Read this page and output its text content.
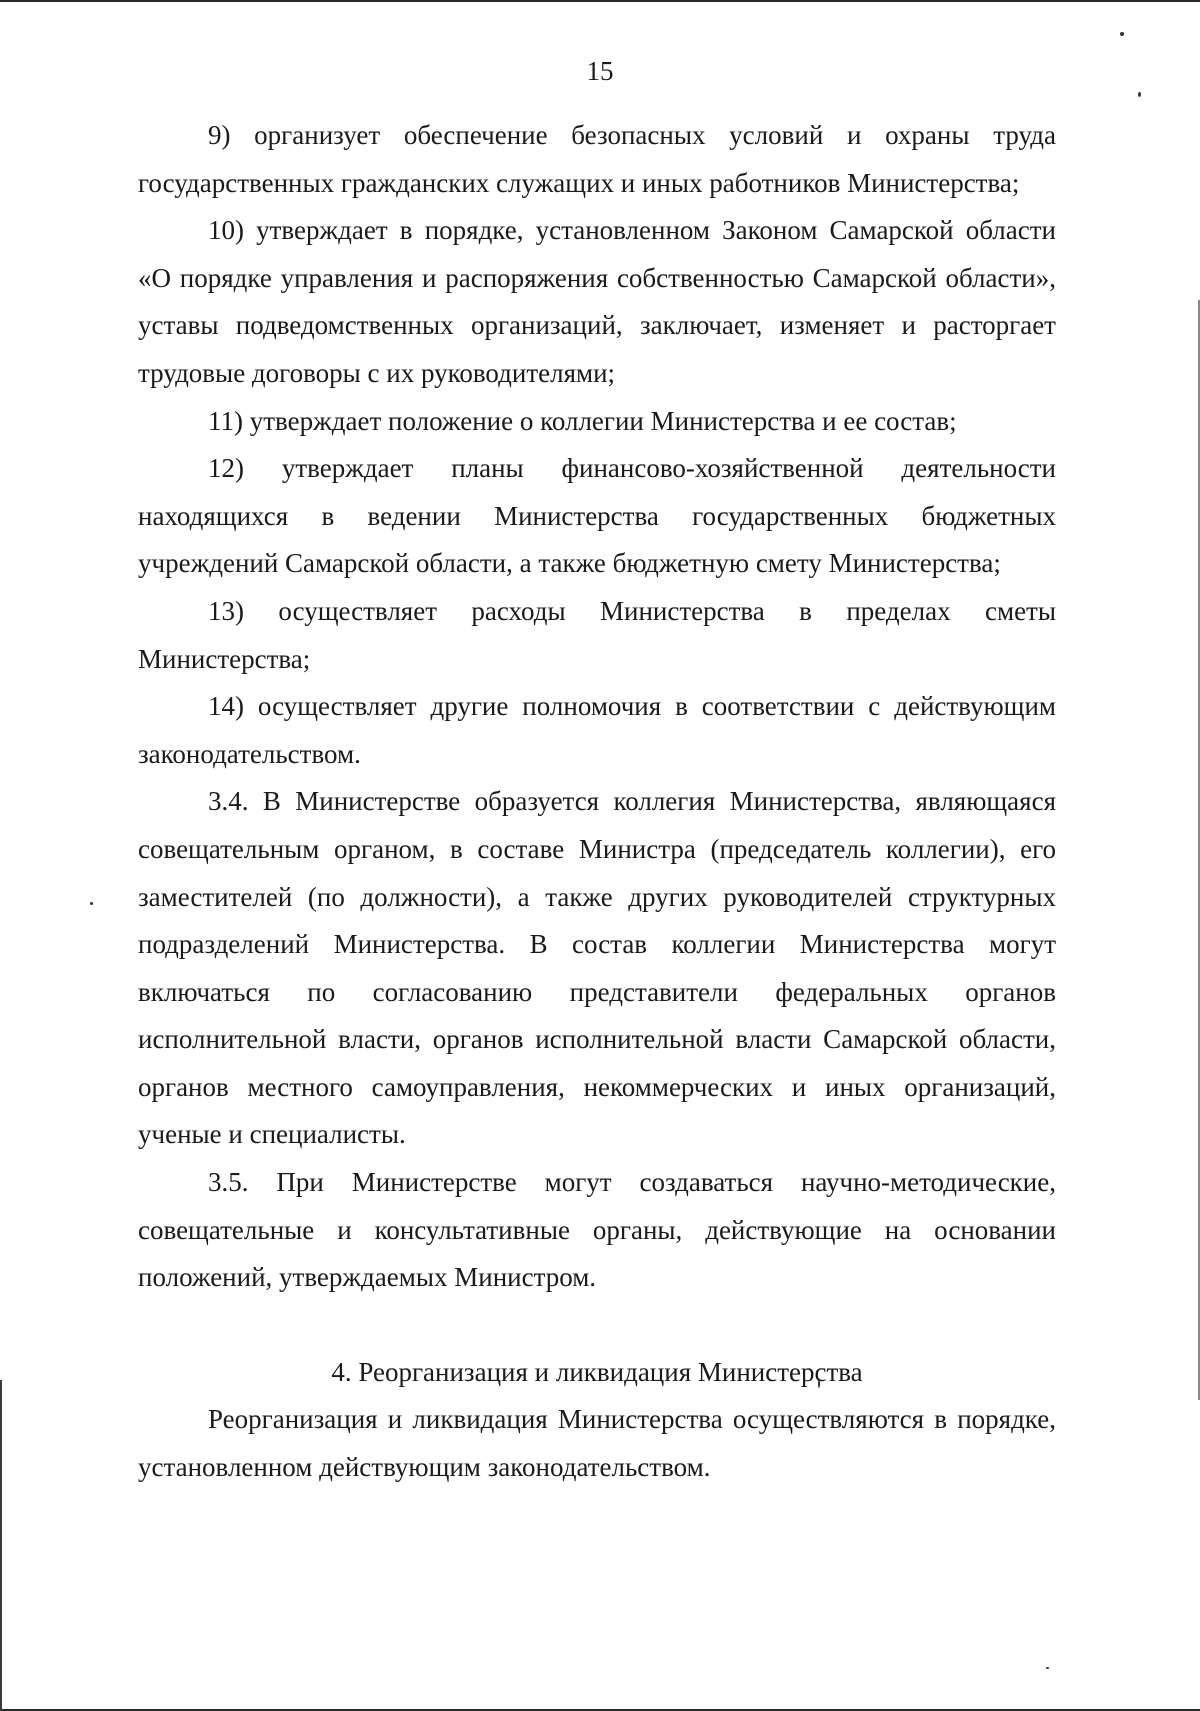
15

9) организует обеспечение безопасных условий и охраны труда государственных гражданских служащих и иных работников Министерства;

10) утверждает в порядке, установленном Законом Самарской области «О порядке управления и распоряжения собственностью Самарской области», уставы подведомственных организаций, заключает, изменяет и расторгает трудовые договоры с их руководителями;

11) утверждает положение о коллегии Министерства и ее состав;

12) утверждает планы финансово-хозяйственной деятельности находящихся в ведении Министерства государственных бюджетных учреждений Самарской области, а также бюджетную смету Министерства;

13) осуществляет расходы Министерства в пределах сметы Министерства;

14) осуществляет другие полномочия в соответствии с действующим законодательством.

3.4. В Министерстве образуется коллегия Министерства, являющаяся совещательным органом, в составе Министра (председатель коллегии), его заместителей (по должности), а также других руководителей структурных подразделений Министерства. В состав коллегии Министерства могут включаться по согласованию представители федеральных органов исполнительной власти, органов исполнительной власти Самарской области, органов местного самоуправления, некоммерческих и иных организаций, ученые и специалисты.

3.5. При Министерстве могут создаваться научно-методические, совещательные и консультативные органы, действующие на основании положений, утверждаемых Министром.

4. Реорганизация и ликвидация Министерства

Реорганизация и ликвидация Министерства осуществляются в порядке, установленном действующим законодательством.
